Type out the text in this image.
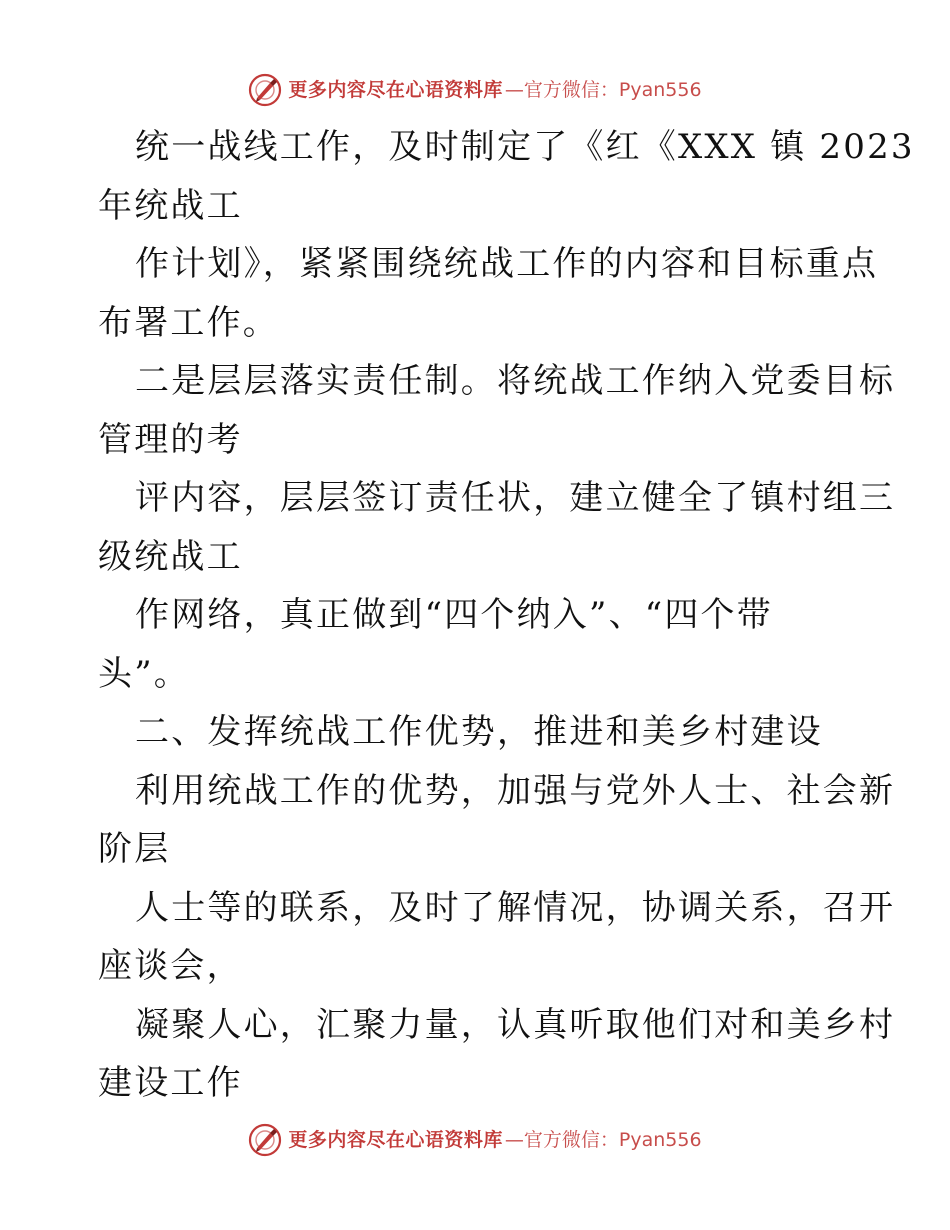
更多内容尽在心语资料库 —官方微信：Pyan556
统一战线工作，及时制定了《红《XXX 镇 2023
年统战工
作计划》，紧紧围绕统战工作的内容和目标重点
布署工作。
二是层层落实责任制。将统战工作纳入党委目标
管理的考
评内容，层层签订责任状，建立健全了镇村组三
级统战工
作网络，真正做到“四个纳入”、“四个带
头”。
二、发挥统战工作优势，推进和美乡村建设
利用统战工作的优势，加强与党外人士、社会新
阶层
人士等的联系，及时了解情况，协调关系，召开
座谈会，
凝聚人心，汇聚力量，认真听取他们对和美乡村
建设工作
更多内容尽在心语资料库 —官方微信：Pyan556
